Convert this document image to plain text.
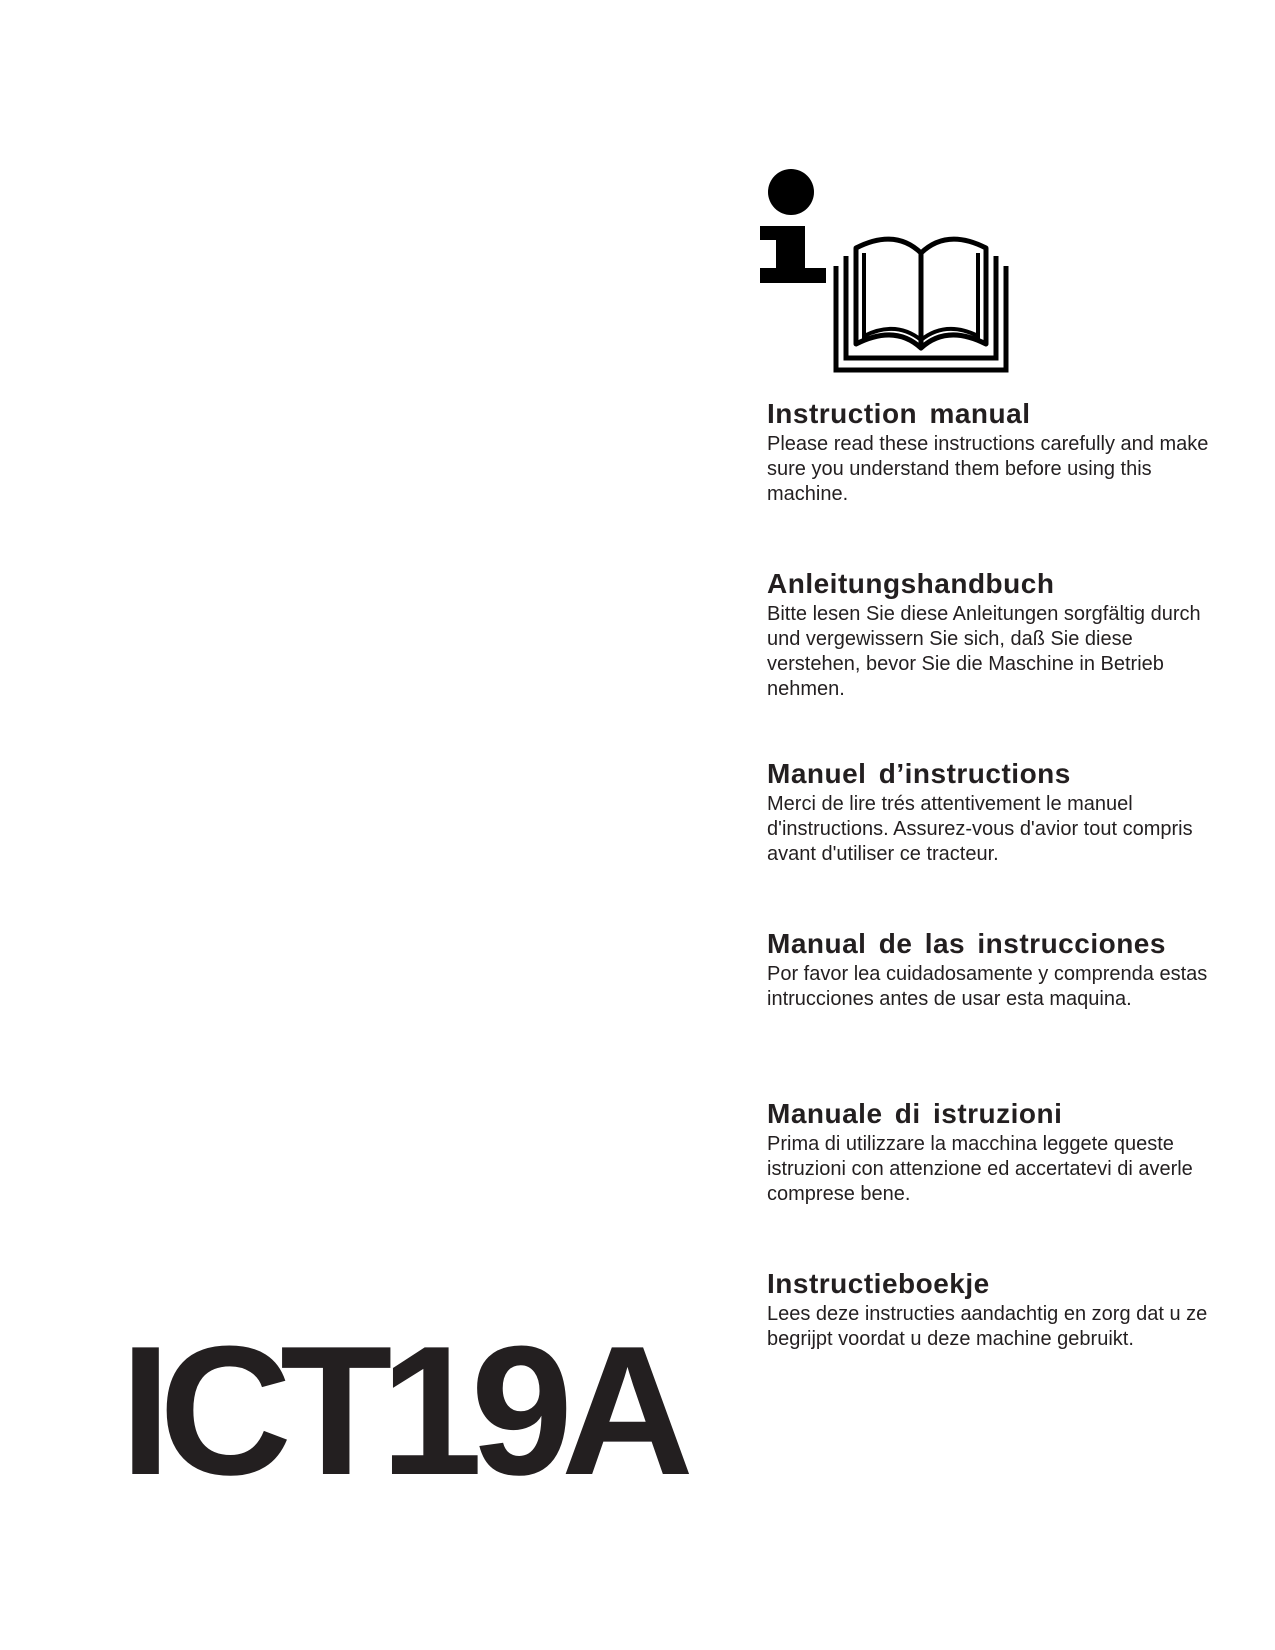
Instruction manual

Please read these instructions carefully and make sure you understand them before using this machine.

Anleitungshandbuch

Bitte lesen Sie diese Anleitungen sorgfältig durch und vergewissern Sie sich, daß Sie diese verstehen, bevor Sie die Maschine in Betrieb nehmen.

Manuel d’instructions

Merci de lire trés attentivement le manuel d'instructions. Assurez-vous d'avior tout compris avant d'utiliser ce tracteur.

Manual de las instrucciones

Por favor lea cuidadosamente y comprenda estas intrucciones antes de usar esta maquina.

Manuale di istruzioni

Prima di utilizzare la macchina leggete queste istruzioni con attenzione ed accertatevi di averle comprese bene.

Instructieboekje

Lees deze instructies aandachtig en zorg dat u ze begrijpt voordat u deze machine gebruikt.

ICT19A
